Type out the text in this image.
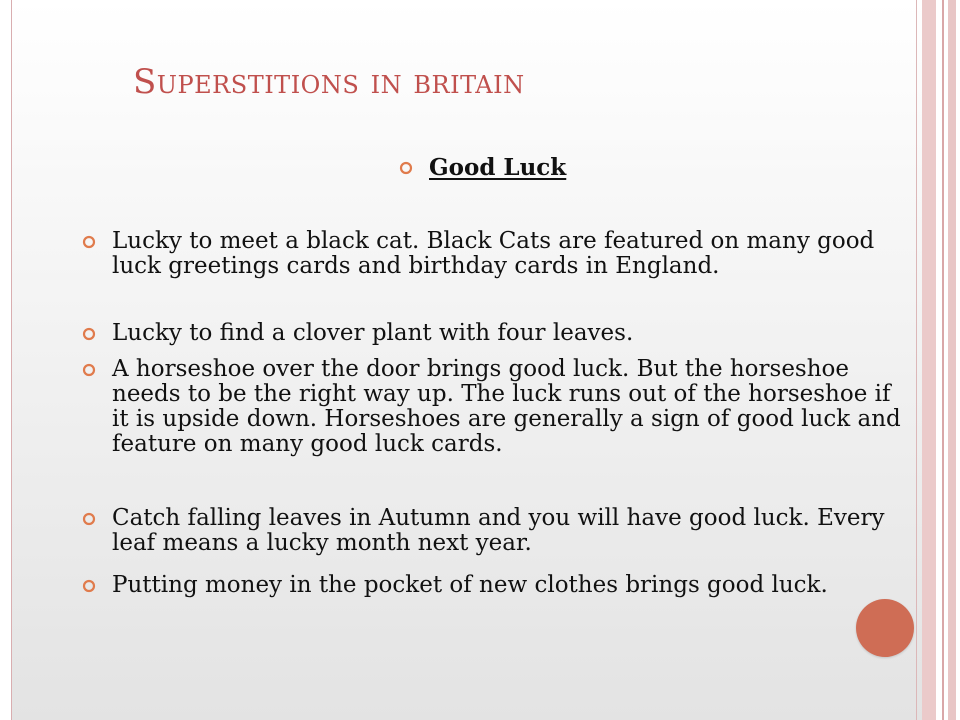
Superstitions in britain
Good Luck
Lucky to meet a black cat. Black Cats are featured on many good luck greetings cards and birthday cards in England.
Lucky to find a clover plant with four leaves.
A horseshoe over the door brings good luck. But the horseshoe needs to be the right way up. The luck runs out of the horseshoe if it is upside down. Horseshoes are generally a sign of good luck and feature on many good luck cards.
Catch falling leaves in Autumn and you will have good luck. Every leaf means a lucky month next year.
Putting money in the pocket of new clothes brings good luck.
